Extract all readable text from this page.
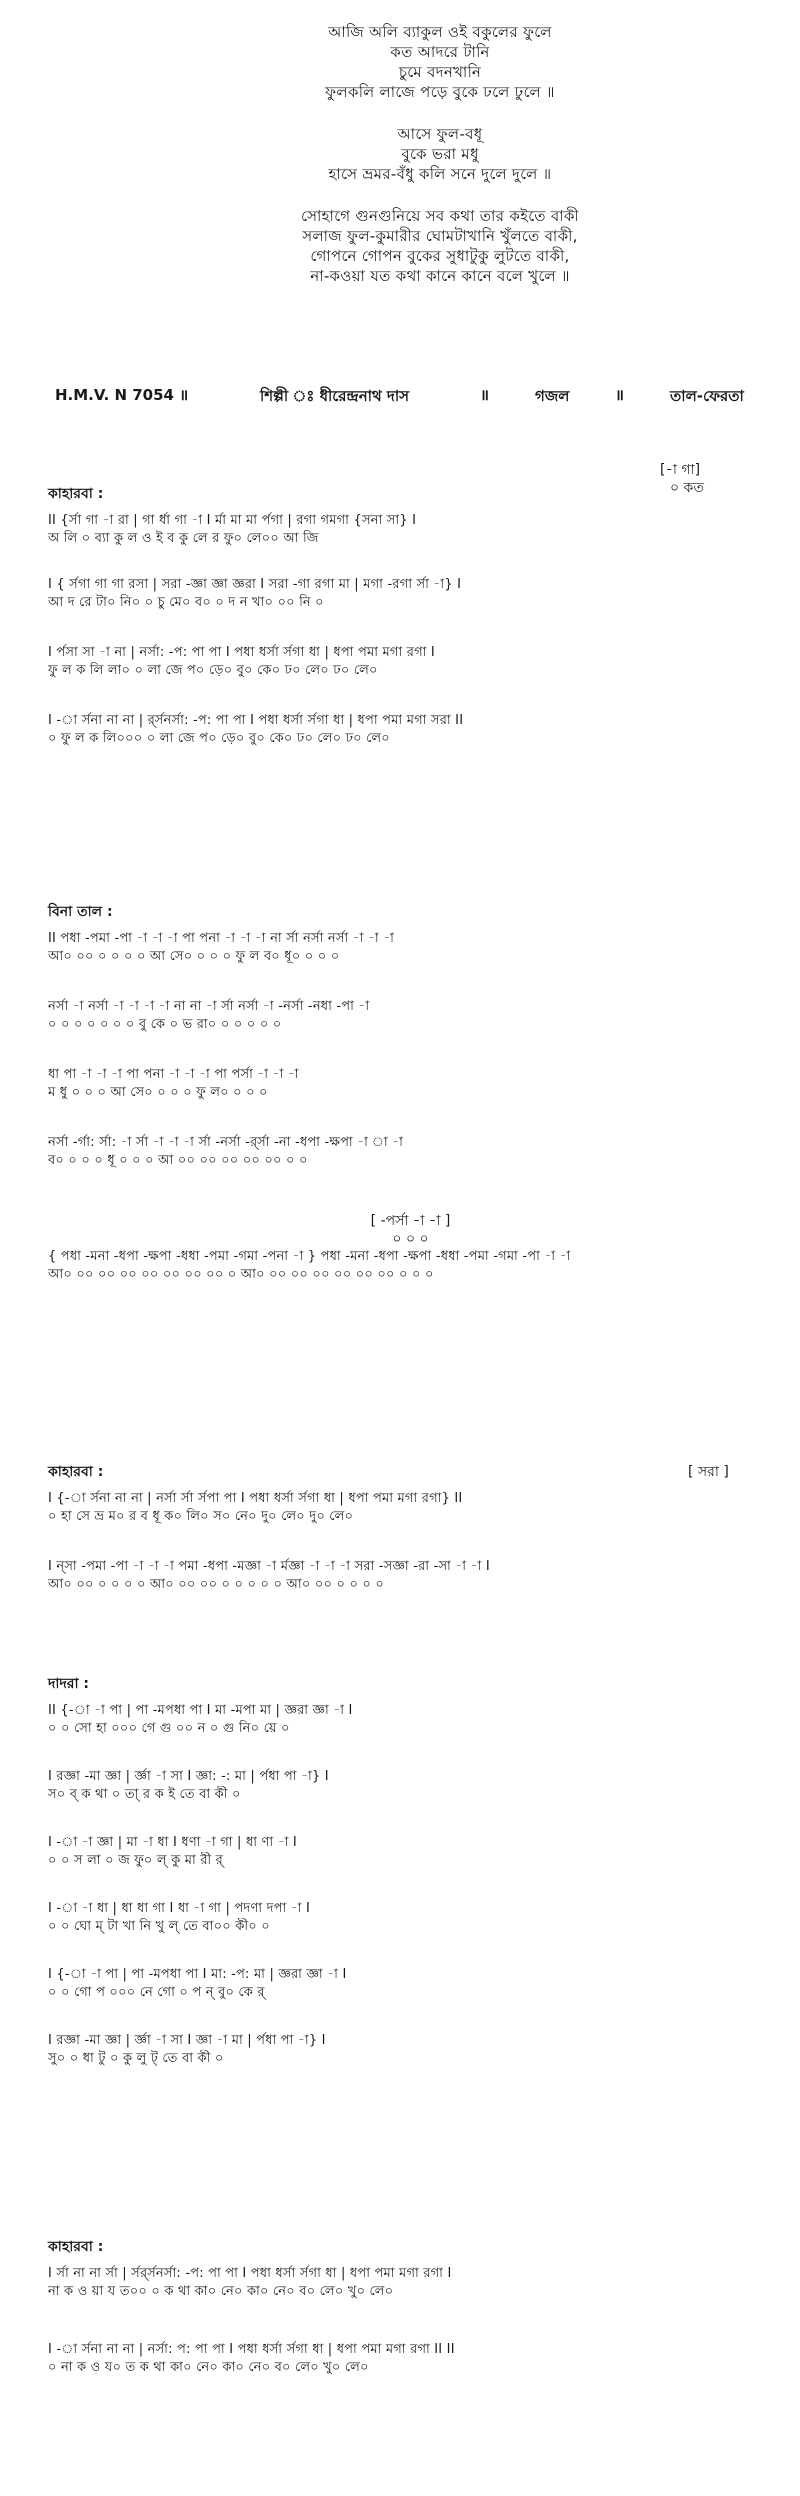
আজি অলি ব্যাকুল ওই বকুলের ফুলে
কত আদরে টানি
চুমে বদনখানি
ফুলকলি লাজে পড়ে বুকে ঢলে ঢুলে ॥
আসে ফুল-বধূ
বুকে ভরা মধু
হাসে ভ্রমর-বঁধু কলি সনে দুলে দুলে ॥
সোহাগে গুনগুনিয়ে সব কথা তার কইতে বাকী
সলাজ ফুল-কুমারীর ঘোমটাখানি খুঁলতে বাকী,
গোপনে গোপন বুকের সুধাটুকু লুটতে বাকী,
না-কওয়া যত কথা কানে কানে বলে খুলে ॥
H.M.V. N 7054 ॥	শিল্পী ঃ ধীরেন্দ্রনাথ দাস	॥	গজল	॥	তাল-ফেরতা
[-া গা]
০ কত
কাহারবা :
II {র্সা গা -া রা | গা র্ধা গা -া I র্মা মা মা র্পগা | রগা গমগা {সনা সা} I
অ লি ০ ব্যা কু ল ও ই ব কু লে র ফু০ লে০০ আ জি
I { র্সগা গা গা রসা | সরা -জ্ঞা জ্ঞা জ্ঞরা I সরা -গা রগা মা | মগা -রগা র্সা -া} I
আ দ রে টা০ নি০ ০ চু মে০ ব০ ০ দ ন খা০ ০০ নি ০
I র্পসা সা -া না | নর্সা: -প: পা পা I পধা ধর্সা র্সগা ধা | ধপা পমা মগা রগা I
ফু ল ক লি লা০ ০ লা জে প০ ড়ে০ বু০ কে০ ঢ০ লে০ ঢ০ লে০
I -া র্সনা না না | র্র্সনর্সা: -প: পা পা I পধা ধর্সা র্সগা ধা | ধপা পমা মগা সরা II
০ ফু ল ক লি০০০ ০ লা জে প০ ড়ে০ বু০ কে০ ঢ০ লে০ ঢ০ লে০
বিনা তাল :
II পধা -পমা -পা -া -া -া পা পনা -া -া -া না র্সা নর্সা নর্সা -া -া -া
আ০ ০০ ০ ০ ০ ০ আ সে০ ০ ০ ০ ফু ল ব০ ধূ০ ০ ০ ০
নর্সা -া নর্সা -া -া -া -া না না -া র্সা নর্সা -া -নর্সা -নধা -পা -া
০ ০ ০ ০ ০ ০ ০ বু কে ০ ভ রা০ ০ ০ ০ ০ ০
ধা পা -া -া -া পা পনা -া -া -া পা পর্সা -া -া -া
ম ধু ০ ০ ০ আ সে০ ০ ০ ০ ফু ল০ ০ ০ ০
নর্সা -র্গা: র্সা: -া র্সা -া -া -া র্সা -নর্সা -র্র্সা -না -ধপা -ক্ষপা -া া -া
ব০ ০ ০ ০ ধূ ০ ০ ০ আ ০০ ০০ ০০ ০০ ০০ ০ ০
[ -পর্সা -া -া ]
০ ০ ০
{ পধা -মনা -ধপা -ক্ষপা -ধধা -পমা -গমা -পনা -া } পধা -মনা -ধপা -ক্ষপা -ধধা -পমা -গমা -পা -া -া
আ০ ০০ ০০ ০০ ০০ ০০ ০০ ০০ ০ আ০ ০০ ০০ ০০ ০০ ০০ ০০ ০ ০ ০
[ সরা ]
কাহারবা :
I {-া র্সনা না না | নর্সা র্সা র্সপা পা I পধা ধর্সা র্সগা ধা | ধপা পমা মগা রগা} II
০ হা সে ভ্র ম০ র ব ধূ ক০ লি০ স০ নে০ দু০ লে০ দু০ লে০
I ন্‌সা -পমা -পা -া -া -া পমা -ধপা -মজ্ঞা -া র্মজ্ঞা -া -া -া সরা -সজ্ঞা -রা -সা -া -া I
আ০ ০০ ০ ০ ০ ০ আ০ ০০ ০০ ০ ০ ০ ০ ০ আ০ ০০ ০ ০ ০ ০
দাদরা :
II {-া -া পা | পা -মপধা পা I মা -মপা মা | জ্ঞরা জ্ঞা -া I
০ ০ সো হা ০০০ গে গু ০০ ন ০ গু নি০ য়ে ০
I রজ্ঞা -মা জ্ঞা | র্জ্ঞা -া সা I জ্ঞা: -: মা | র্পধা পা -া} I
স০ ব্‌ ক থা ০ তা্‌ র ক ই তে বা কী ০
I -া -া জ্ঞা | মা -া ধা I ধণা -া গা | ধা ণা -া I
০ ০ স লা ০ জ ফু০ ল্‌ কু মা রী র্‌
I -া -া ধা | ধা ধা গা I ধা -া গা | পদণা দপা -া I
০ ০ ঘো ম্‌ টা খা নি খু ল্‌ তে বা০০ কী০ ০
I {-া -া পা | পা -মপধা পা I মা: -প: মা | জ্ঞরা জ্ঞা -া I
০ ০ গো প ০০০ নে গো ০ প ন্‌ বু০ কে র্‌
I রজ্ঞা -মা জ্ঞা | র্জ্ঞা -া সা I জ্ঞা -া মা | র্পধা পা -া} I
সু০ ০ ধা টু ০ কু লু ট্‌ তে বা কী ০
কাহারবা :
I র্সা না না র্সা | র্সর্র্সনর্সা: -প: পা পা I পধা ধর্সা র্সগা ধা | ধপা পমা মগা রগা I
না ক ও য়া য ত০০ ০ ক থা কা০ নে০ কা০ নে০ ব০ লে০ খু০ লে০
I -া র্সনা না না | নর্সা: প: পা পা I পধা ধর্সা র্সগা ধা | ধপা পমা মগা রগা II II
০ না ক ও য০ ত ক থা কা০ নে০ কা০ নে০ ব০ লে০ খু০ লে০
